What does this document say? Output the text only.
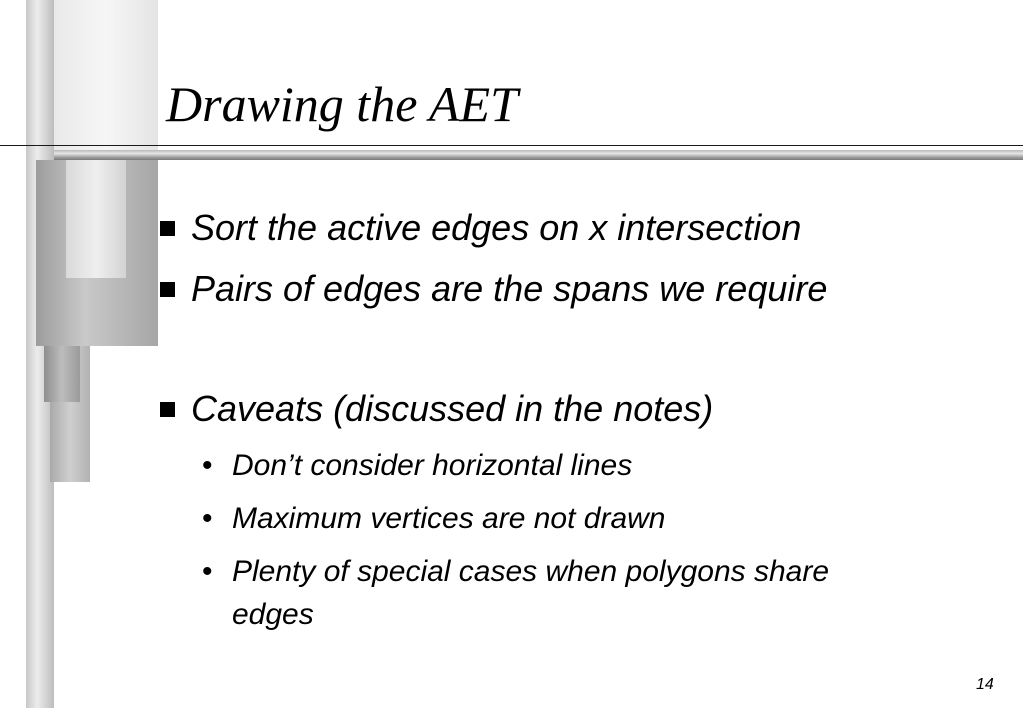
Drawing the AET
Sort the active edges on x intersection
Pairs of edges are the spans we require
Caveats (discussed in the notes)
• Don’t consider horizontal lines
• Maximum vertices are not drawn
• Plenty of special cases when polygons share edges
14
